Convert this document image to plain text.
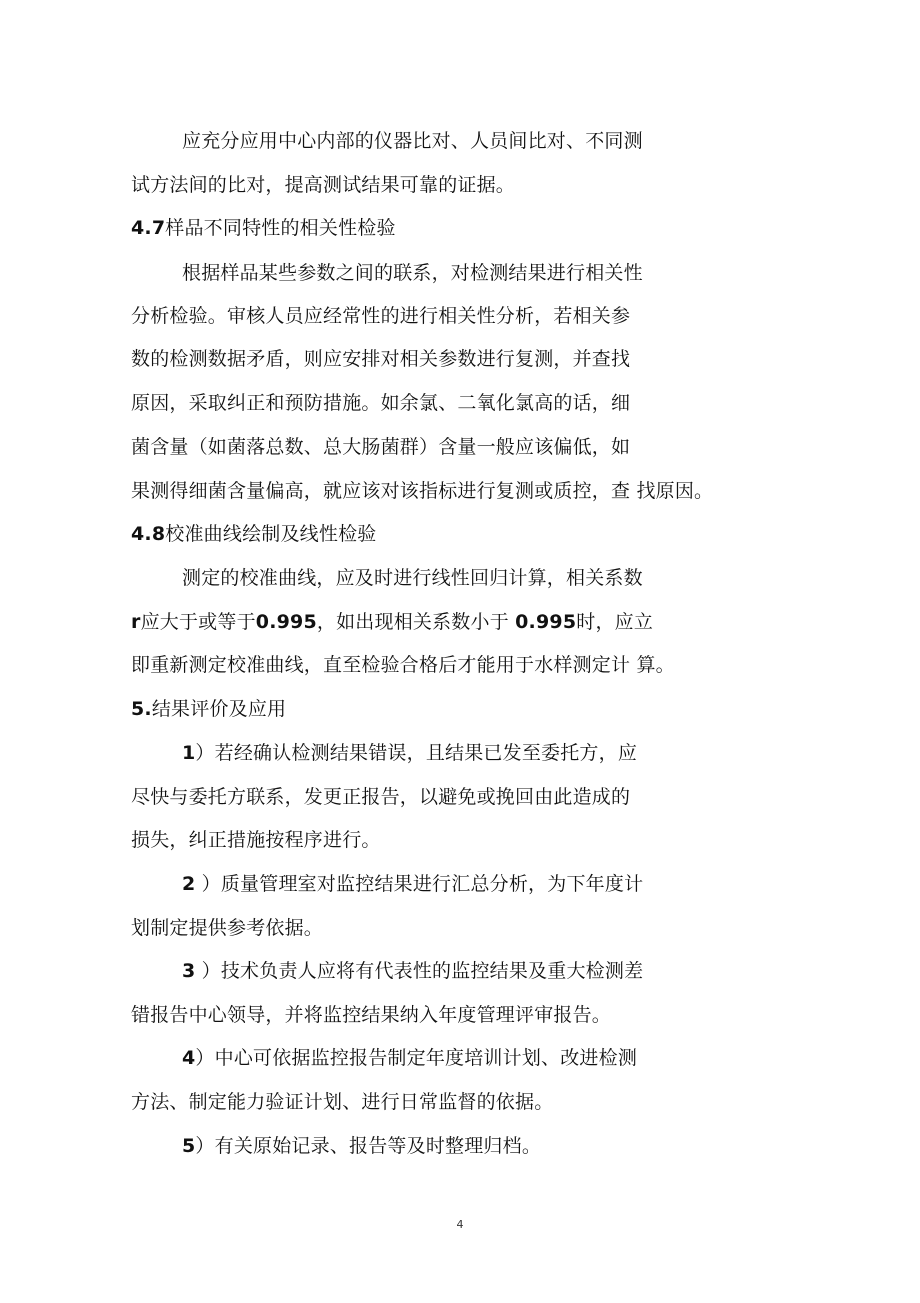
应充分应用中心内部的仪器比对、人员间比对、不同测
试方法间的比对，提高测试结果可靠的证据。
4.7样品不同特性的相关性检验
根据样品某些参数之间的联系，对检测结果进行相关性
分析检验。审核人员应经常性的进行相关性分析，若相关参
数的检测数据矛盾，则应安排对相关参数进行复测，并查找
原因，采取纠正和预防措施。如余氯、二氧化氯高的话，细
菌含量（如菌落总数、总大肠菌群）含量一般应该偏低，如
果测得细菌含量偏高，就应该对该指标进行复测或质控，查 找原因。
4.8校准曲线绘制及线性检验
测定的校准曲线，应及时进行线性回归计算，相关系数
r应大于或等于0.995，如出现相关系数小于 0.995时，应立
即重新测定校准曲线，直至检验合格后才能用于水样测定计 算。
5.结果评价及应用
1）若经确认检测结果错误，且结果已发至委托方，应
尽快与委托方联系，发更正报告，以避免或挽回由此造成的
损失，纠正措施按程序进行。
2 ）质量管理室对监控结果进行汇总分析，为下年度计
划制定提供参考依据。
3 ）技术负责人应将有代表性的监控结果及重大检测差
错报告中心领导，并将监控结果纳入年度管理评审报告。
4）中心可依据监控报告制定年度培训计划、改进检测
方法、制定能力验证计划、进行日常监督的依据。
5）有关原始记录、报告等及时整理归档。
4
